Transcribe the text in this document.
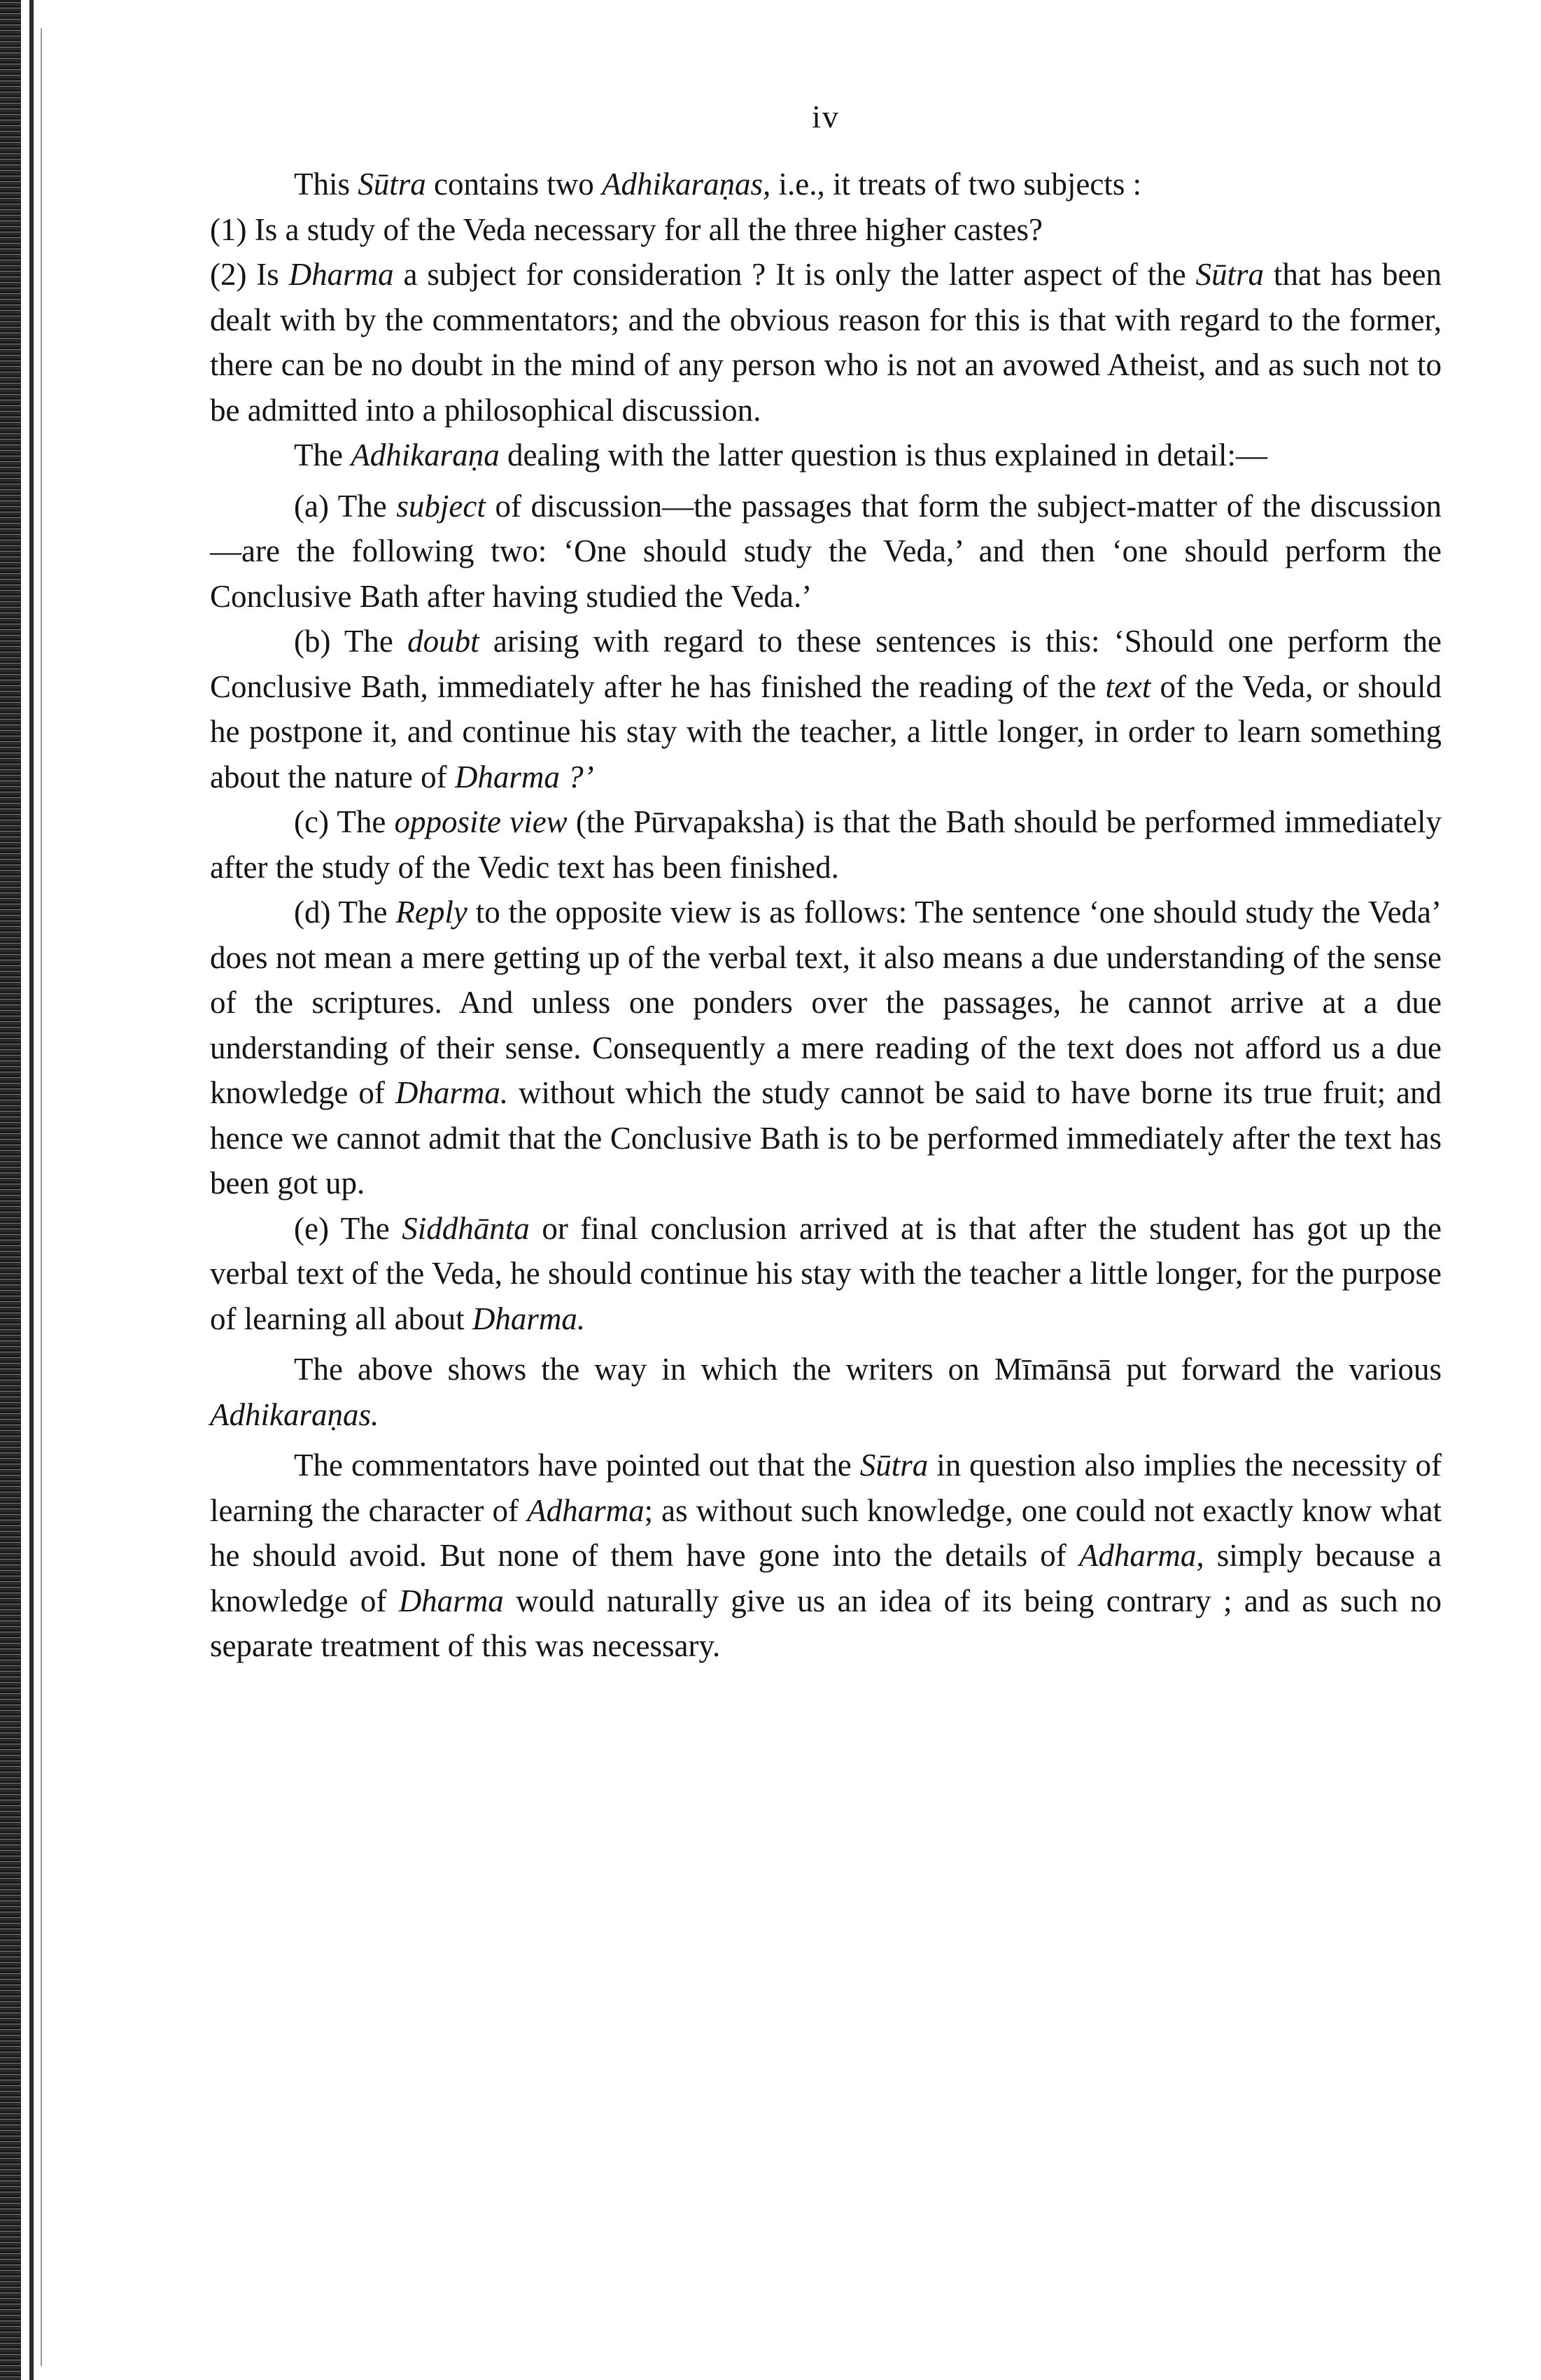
iv

This Sūtra contains two Adhikaraṇas, i.e., it treats of two subjects :

(1) Is a study of the Veda necessary for all the three higher castes?

(2) Is Dharma a subject for consideration ? It is only the latter aspect of the Sūtra that has been dealt with by the commentators; and the obvious reason for this is that with regard to the former, there can be no doubt in the mind of any person who is not an avowed Atheist, and as such not to be admitted into a philosophical discussion.

The Adhikaraṇa dealing with the latter question is thus explained in detail:—

(a) The subject of discussion—the passages that form the subject-matter of the discussion—are the following two: ‘One should study the Veda,’ and then ‘one should perform the Conclusive Bath after having studied the Veda.’

(b) The doubt arising with regard to these sentences is this: ‘Should one perform the Conclusive Bath, immediately after he has finished the reading of the text of the Veda, or should he postpone it, and continue his stay with the teacher, a little longer, in order to learn something about the nature of Dharma ?’

(c) The opposite view (the Pūrvapaksha) is that the Bath should be performed immediately after the study of the Vedic text has been finished.

(d) The Reply to the opposite view is as follows: The sentence ‘one should study the Veda’ does not mean a mere getting up of the verbal text, it also means a due understanding of the sense of the scriptures. And unless one ponders over the passages, he cannot arrive at a due understanding of their sense. Consequently a mere reading of the text does not afford us a due knowledge of Dharma. without which the study cannot be said to have borne its true fruit; and hence we cannot admit that the Conclusive Bath is to be performed immediately after the text has been got up.

(e) The Siddhānta or final conclusion arrived at is that after the student has got up the verbal text of the Veda, he should continue his stay with the teacher a little longer, for the purpose of learning all about Dharma.

The above shows the way in which the writers on Mīmānsā put forward the various Adhikaraṇas.

The commentators have pointed out that the Sūtra in question also implies the necessity of learning the character of Adharma; as without such knowledge, one could not exactly know what he should avoid. But none of them have gone into the details of Adharma, simply because a knowledge of Dharma would naturally give us an idea of its being contrary ; and as such no separate treatment of this was necessary.
